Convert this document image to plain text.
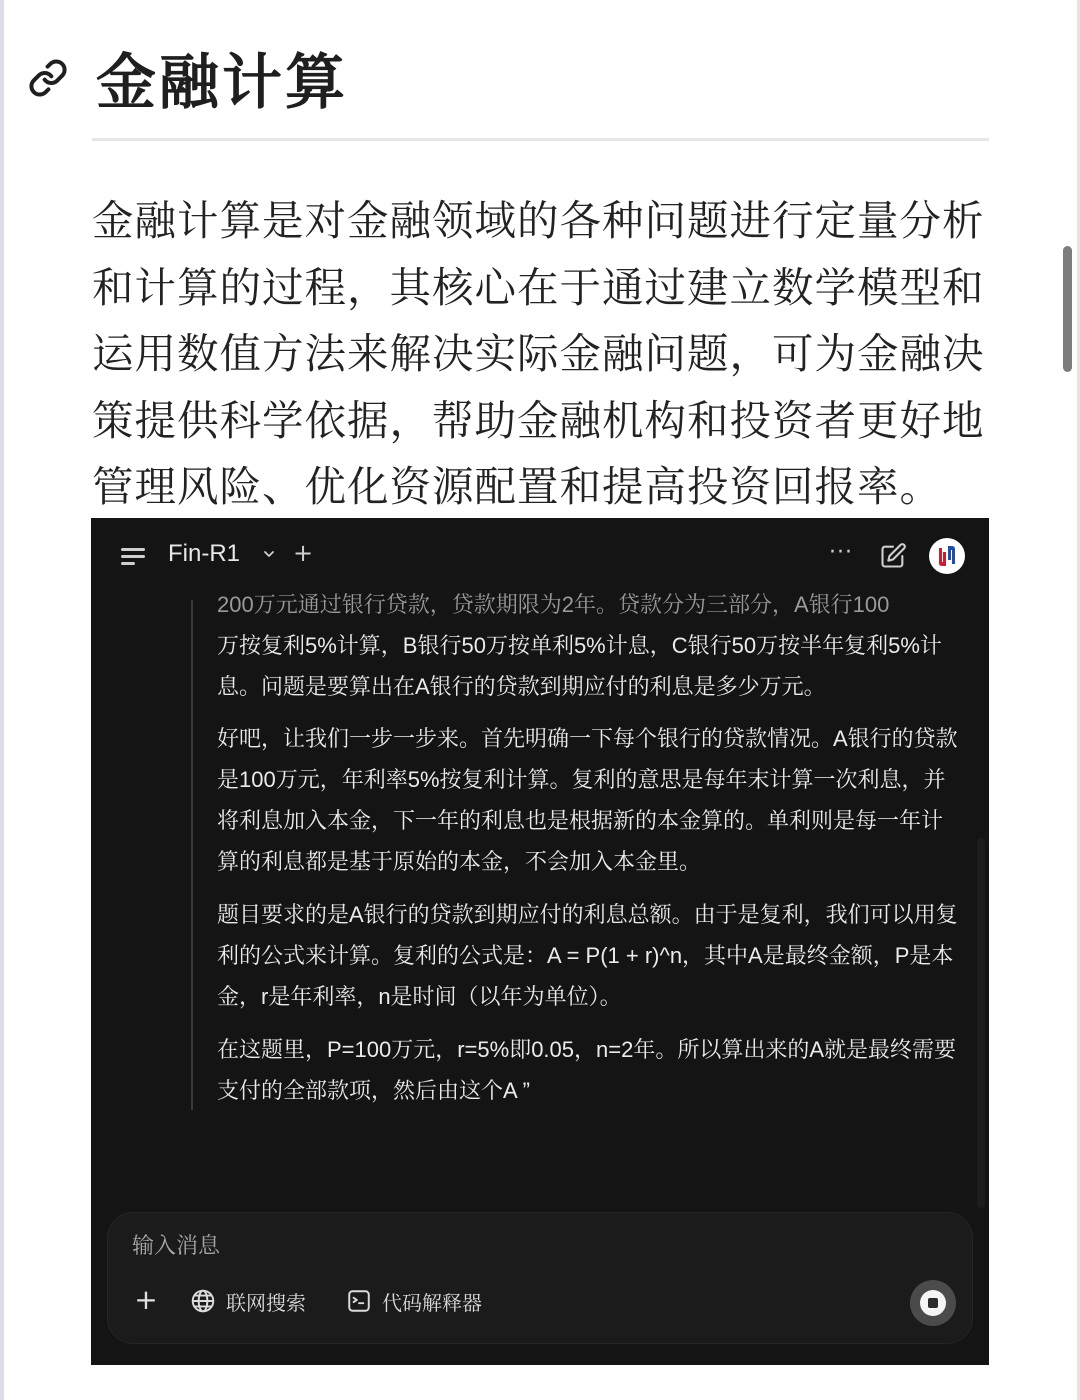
金融计算

金融计算是对金融领域的各种问题进行定量分析和计算的过程，其核心在于通过建立数学模型和运用数值方法来解决实际金融问题，可为金融决策提供科学依据，帮助金融机构和投资者更好地管理风险、优化资源配置和提高投资回报率。

Fin-R1 +	···

200万元通过银行贷款，贷款期限为2年。贷款分为三部分，A银行100
万按复利5%计算，B银行50万按单利5%计息，C银行50万按半年复利5%计息。问题是要算出在A银行的贷款到期应付的利息是多少万元。

好吧，让我们一步一步来。首先明确一下每个银行的贷款情况。A银行的贷款是100万元，年利率5%按复利计算。复利的意思是每年末计算一次利息，并将利息加入本金，下一年的利息也是根据新的本金算的。单利则是每一年计算的利息都是基于原始的本金，不会加入本金里。

题目要求的是A银行的贷款到期应付的利息总额。由于是复利，我们可以用复利的公式来计算。复利的公式是：A = P(1 + r)^n，其中A是最终金额，P是本金，r是年利率，n是时间（以年为单位）。

在这题里，P=100万元，r=5%即0.05，n=2年。所以算出来的A就是最终需要支付的全部款项，然后由这个A ”

输入消息
+	联网搜索	代码解释器
